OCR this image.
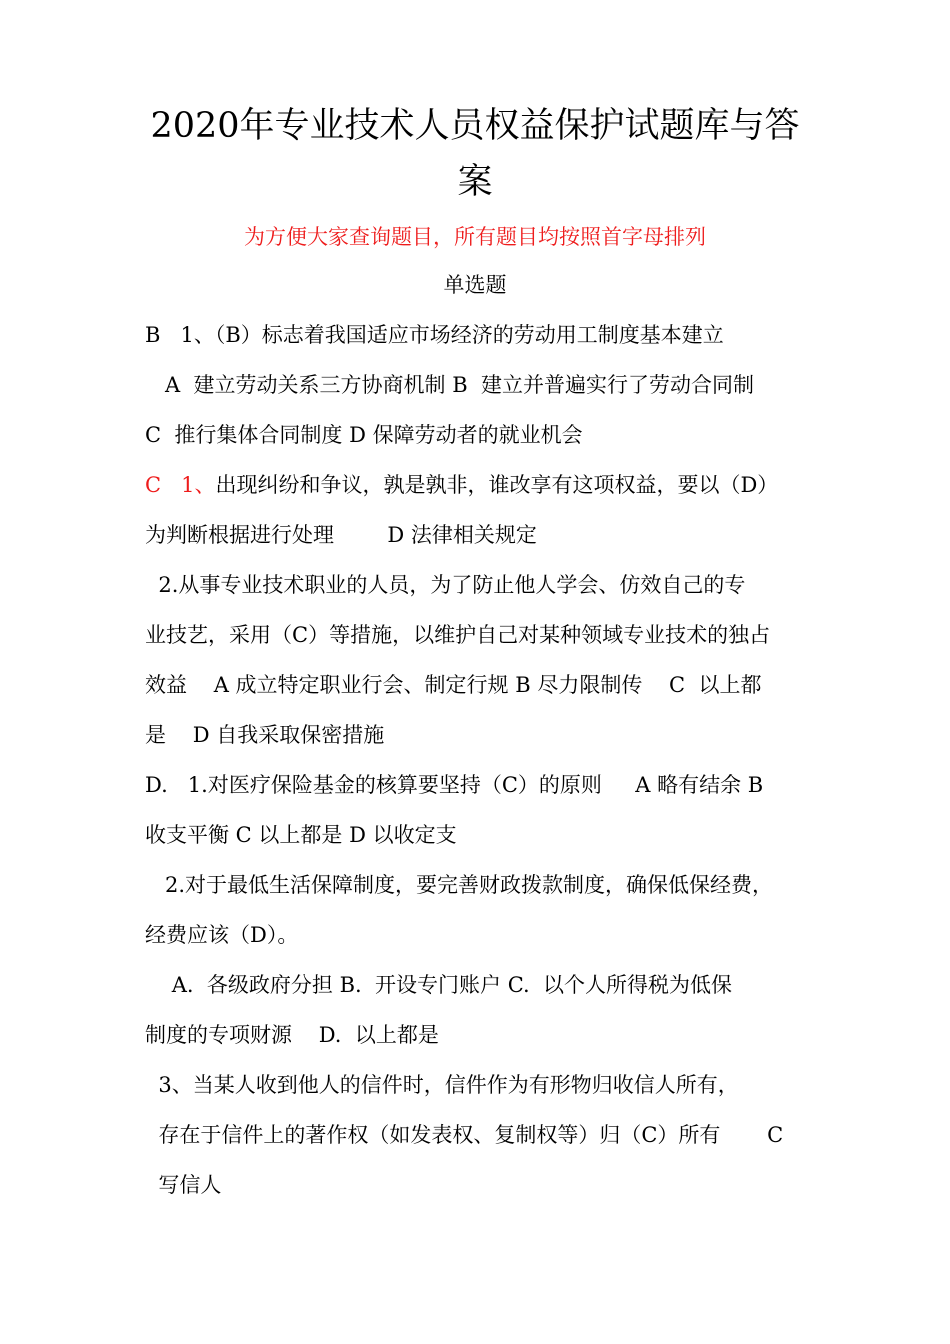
2020年专业技术人员权益保护试题库与答
案
为方便大家查询题目，所有题目均按照首字母排列
单选题
B   1、（B）标志着我国适应市场经济的劳动用工制度基本建立
A  建立劳动关系三方协商机制 B  建立并普遍实行了劳动合同制
C  推行集体合同制度 D 保障劳动者的就业机会
C   1、出现纠纷和争议，孰是孰非，谁改享有这项权益，要以（D）
为判断根据进行处理        D 法律相关规定
2.从事专业技术职业的人员，为了防止他人学会、仿效自己的专
业技艺，采用（C）等措施，以维护自己对某种领域专业技术的独占
效益    A 成立特定职业行会、制定行规 B 尽力限制传    C  以上都
是    D 自我采取保密措施
D.   1.对医疗保险基金的核算要坚持（C）的原则     A 略有结余 B
收支平衡 C 以上都是 D 以收定支
2.对于最低生活保障制度，要完善财政拨款制度，确保低保经费，
经费应该（D）。
A.  各级政府分担 B.  开设专门账户 C.  以个人所得税为低保
制度的专项财源    D.  以上都是
3、当某人收到他人的信件时，信件作为有形物归收信人所有，
存在于信件上的著作权（如发表权、复制权等）归（C）所有       C
写信人
